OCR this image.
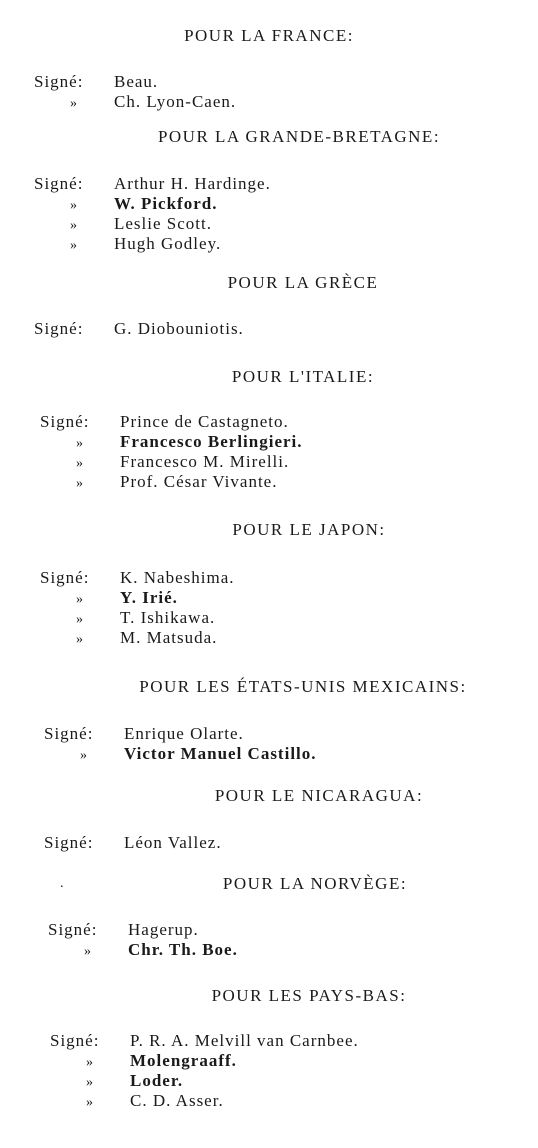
POUR LA FRANCE:
Signé: Beau.
» Ch. Lyon-Caen.
POUR LA GRANDE-BRETAGNE:
Signé: Arthur H. Hardinge.
» W. Pickford.
» Leslie Scott.
» Hugh Godley.
POUR LA GRÈCE
Signé: G. Diobouniotis.
POUR L'ITALIE:
Signé: Prince de Castagneto.
» Francesco Berlingieri.
» Francesco M. Mirelli.
» Prof. César Vivante.
POUR LE JAPON:
Signé: K. Nabeshima.
» Y. Irié.
» T. Ishikawa.
» M. Matsuda.
POUR LES ÉTATS-UNIS MEXICAINS:
Signé: Enrique Olarte.
» Victor Manuel Castillo.
POUR LE NICARAGUA:
Signé: Léon Vallez.
.	POUR LA NORVÈGE:
Signé: Hagerup.
» Chr. Th. Boe.
POUR LES PAYS-BAS:
Signé: P. R. A. Melvill van Carnbee.
» Molengraaff.
» Loder.
» C. D. Asser.
